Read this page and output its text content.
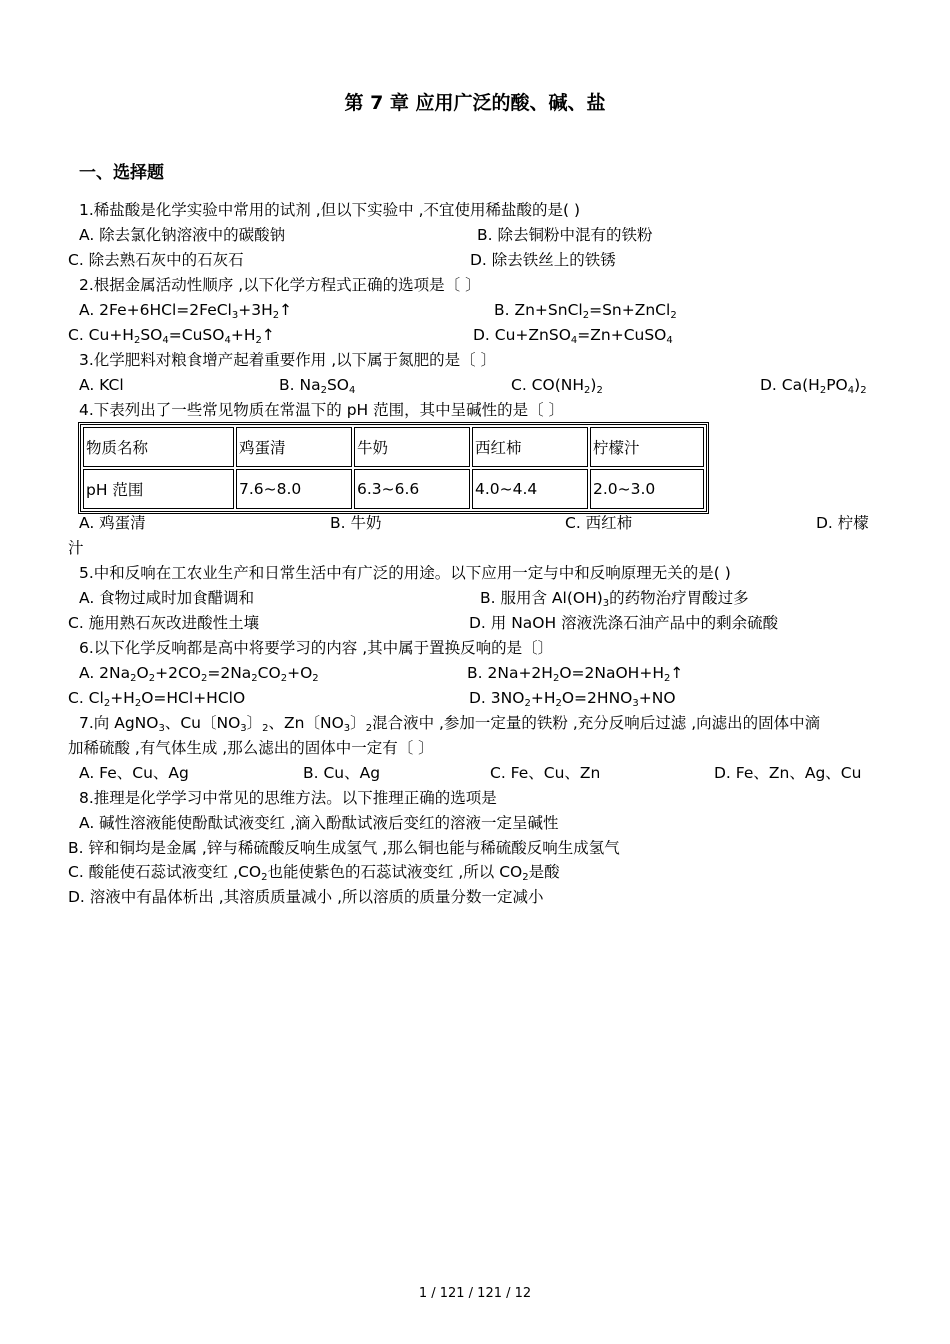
第 7 章 应用广泛的酸、碱、盐
一、选择题
1.稀盐酸是化学实验中常用的试剂 ,但以下实验中 ,不宜使用稀盐酸的是( )
A. 除去氯化钠溶液中的碳酸钠	B. 除去铜粉中混有的铁粉
C. 除去熟石灰中的石灰石	D. 除去铁丝上的铁锈
2.根据金属活动性顺序 ,以下化学方程式正确的选项是〔 〕
A. $2Fe+6HCl=2FeCl_3+3H_2↑$	B. Zn+SnCl$_2$=Sn+ZnCl$_2$
C. $Cu+H_2SO_4=CuSO_4+H_2↑$	D. Cu+ZnSO$_4$=Zn+CuSO$_4$
3.化学肥料对粮食增产起着重要作用 ,以下属于氮肥的是〔 〕
A. KCl	B. $Na_2SO_4$	C. $CO(NH_2)_2$	D. $Ca(H_2PO_4)_2$
4.下表列出了一些常见物质在常温下的 pH 范围，其中呈碱性的是〔 〕
物质名称	鸡蛋清	牛奶	西红柿	柠檬汁
pH 范围	7.6~8.0	6.3~6.6	4.0~4.4	2.0~3.0
A. 鸡蛋清	B. 牛奶	C. 西红柿	D. 柠檬
汁
5.中和反响在工农业生产和日常生活中有广泛的用途。以下应用一定与中和反响原理无关的是( )
A. 食物过咸时加食醋调和	B. 服用含 $Al(OH)_3$的药物治疗胃酸过多
C. 施用熟石灰改进酸性土壤	D. 用 NaOH 溶液洗涤石油产品中的剩余硫酸
6.以下化学反响都是高中将要学习的内容 ,其中属于置换反响的是〔〕
A. $2Na_2O_2+2CO_2=2Na_2CO_2+O_2$	B. $2Na+2H_2O=2NaOH+H_2↑$
C. $Cl_2+H_2O=HCl+HClO$	D. $3NO_2+H_2O=2HNO_3+NO$
7.向 AgNO$_3$、Cu〔$NO_3$〕$_2$、Zn〔$NO_3$〕$_2$混合液中 ,参加一定量的铁粉 ,充分反响后过滤 ,向滤出的固体中滴
加稀硫酸 ,有气体生成 ,那么滤出的固体中一定有〔 〕
A. Fe、Cu、Ag	B. Cu、Ag	C. Fe、Cu、Zn	D. Fe、Zn、Ag、Cu
8.推理是化学学习中常见的思维方法。以下推理正确的选项是
A. 碱性溶液能使酚酞试液变红 ,滴入酚酞试液后变红的溶液一定呈碱性
B. 锌和铜均是金属 ,锌与稀硫酸反响生成氢气 ,那么铜也能与稀硫酸反响生成氢气
C. 酸能使石蕊试液变红 $,CO_2$也能使紫色的石蕊试液变红 ,所以 $CO_2$是酸
D. 溶液中有晶体析出 ,其溶质质量减小 ,所以溶质的质量分数一定减小
1 / 121 / 121 / 12
